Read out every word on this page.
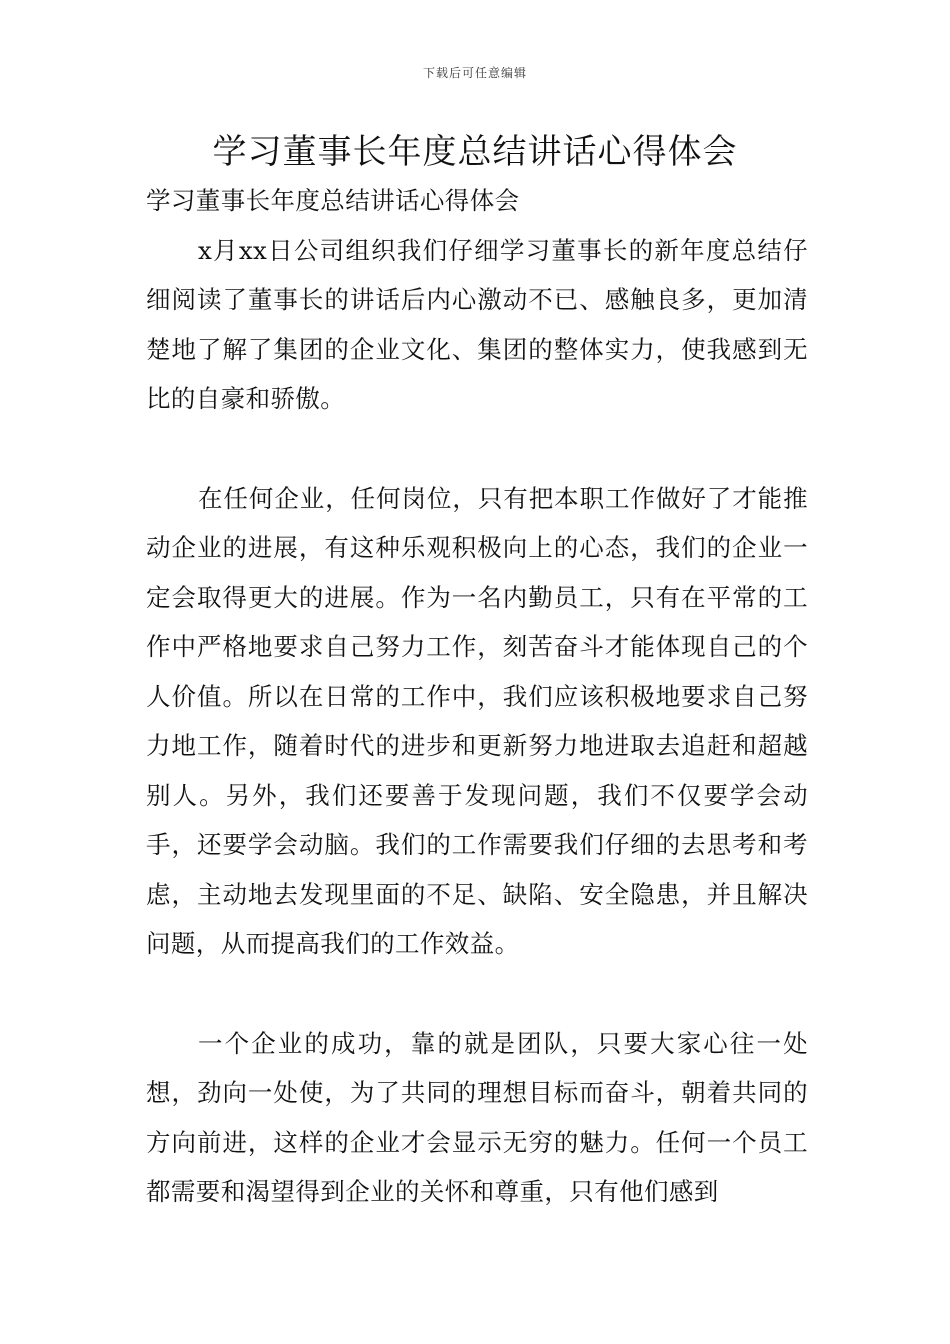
下载后可任意编辑
学习董事长年度总结讲话心得体会

学习董事长年度总结讲话心得体会

x月xx日公司组织我们仔细学习董事长的新年度总结仔细阅读了董事长的讲话后内心激动不已、感触良多，更加清楚地了解了集团的企业文化、集团的整体实力，使我感到无比的自豪和骄傲。

在任何企业，任何岗位，只有把本职工作做好了才能推动企业的进展，有这种乐观积极向上的心态，我们的企业一定会取得更大的进展。作为一名内勤员工，只有在平常的工作中严格地要求自己努力工作，刻苦奋斗才能体现自己的个人价值。所以在日常的工作中，我们应该积极地要求自己努力地工作，随着时代的进步和更新努力地进取去追赶和超越别人。另外，我们还要善于发现问题，我们不仅要学会动手，还要学会动脑。我们的工作需要我们仔细的去思考和考虑，主动地去发现里面的不足、缺陷、安全隐患，并且解决问题，从而提高我们的工作效益。

一个企业的成功，靠的就是团队，只要大家心往一处想，劲向一处使，为了共同的理想目标而奋斗，朝着共同的方向前进，这样的企业才会显示无穷的魅力。任何一个员工都需要和渴望得到企业的关怀和尊重，只有他们感到
